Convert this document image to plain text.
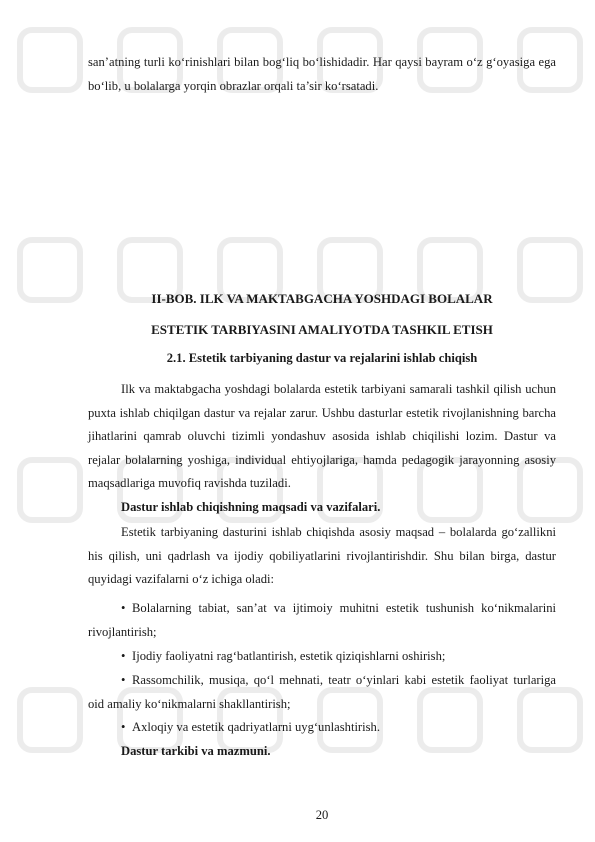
san’atning turli ko‘rinishlari bilan bog‘liq bo‘lishidadir. Har qaysi bayram o‘z g‘oyasiga ega bo‘lib, u bolalarga yorqin obrazlar orqali ta’sir ko‘rsatadi.

II-BOB. ILK VA MAKTABGACHA YOSHDAGI BOLALAR

ESTETIK TARBIYASINI AMALIYOTDA TASHKIL ETISH

2.1. Estetik tarbiyaning dastur va rejalarini ishlab chiqish

Ilk va maktabgacha yoshdagi bolalarda estetik tarbiyani samarali tashkil qilish uchun puxta ishlab chiqilgan dastur va rejalar zarur. Ushbu dasturlar estetik rivojlanishning barcha jihatlarini qamrab oluvchi tizimli yondashuv asosida ishlab chiqilishi lozim. Dastur va rejalar bolalarning yoshiga, individual ehtiyojlariga, hamda pedagogik jarayonning asosiy maqsadlariga muvofiq ravishda tuziladi.

Dastur ishlab chiqishning maqsadi va vazifalari.

Estetik tarbiyaning dasturini ishlab chiqishda asosiy maqsad – bolalarda go‘zallikni his qilish, uni qadrlash va ijodiy qobiliyatlarini rivojlantirishdir. Shu bilan birga, dastur quyidagi vazifalarni o‘z ichiga oladi:

• Bolalarning tabiat, san’at va ijtimoiy muhitni estetik tushunish ko‘nikmalarini rivojlantirish;

• Ijodiy faoliyatni rag‘batlantirish, estetik qiziqishlarni oshirish;

• Rassomchilik, musiqa, qo‘l mehnati, teatr o‘yinlari kabi estetik faoliyat turlariga oid amaliy ko‘nikmalarni shakllantirish;

• Axloqiy va estetik qadriyatlarni uyg‘unlashtirish.

Dastur tarkibi va mazmuni.

20
